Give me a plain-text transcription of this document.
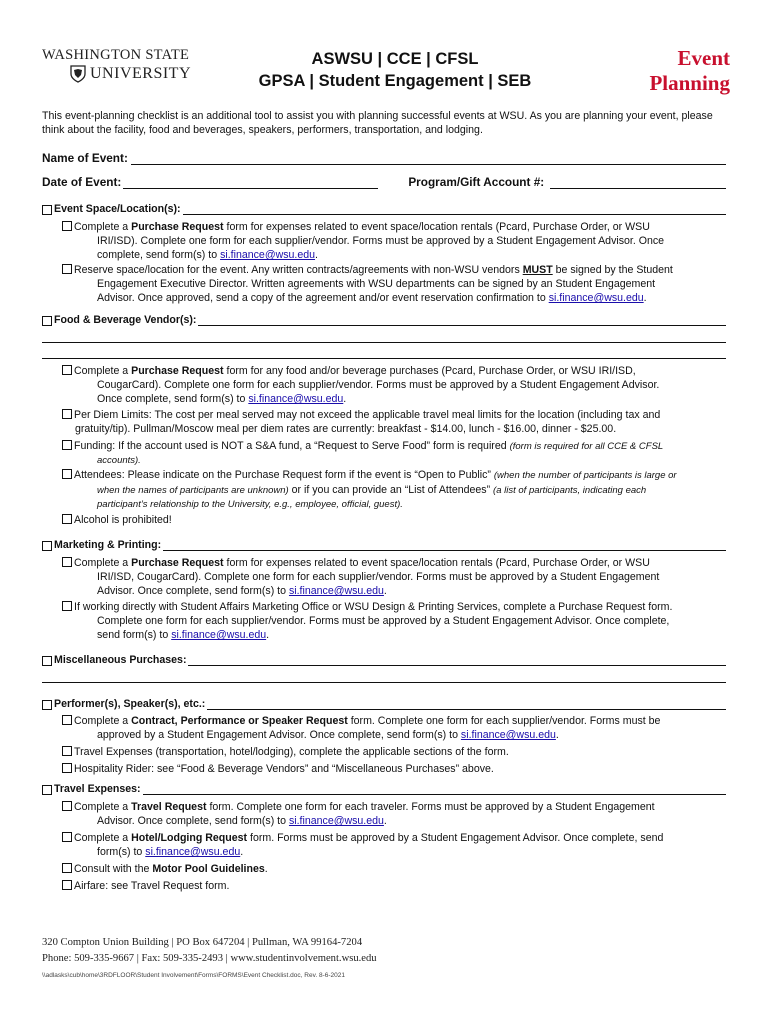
WASHINGTON STATE
UNIVERSITY
ASWSU | CCE | CFSL
GPSA | Student Engagement | SEB
Event
Planning
This event-planning checklist is an additional tool to assist you with planning successful events at WSU. As you are planning your event, please think about the facility, food and beverages, speakers, performers, transportation, and lodging.
Name of Event:
Date of Event:	Program/Gift Account #:
Event Space/Location(s):
Complete a Purchase Request form for expenses related to event space/location rentals (Pcard, Purchase Order, or WSU
IRI/ISD). Complete one form for each supplier/vendor. Forms must be approved by a Student Engagement Advisor. Once
complete, send form(s) to si.finance@wsu.edu.
Reserve space/location for the event. Any written contracts/agreements with non-WSU vendors MUST be signed by the Student
Engagement Executive Director. Written agreements with WSU departments can be signed by an Student Engagement
Advisor. Once approved, send a copy of the agreement and/or event reservation confirmation to si.finance@wsu.edu.
Food & Beverage Vendor(s):
Complete a Purchase Request form for any food and/or beverage purchases (Pcard, Purchase Order, or WSU IRI/ISD,
CougarCard). Complete one form for each supplier/vendor. Forms must be approved by a Student Engagement Advisor.
Once complete, send form(s) to si.finance@wsu.edu.
Per Diem Limits: The cost per meal served may not exceed the applicable travel meal limits for the location (including tax and
gratuity/tip). Pullman/Moscow meal per diem rates are currently: breakfast - $14.00, lunch - $16.00, dinner - $25.00.
Funding: If the account used is NOT a S&A fund, a “Request to Serve Food” form is required (form is required for all CCE & CFSL
accounts).
Attendees: Please indicate on the Purchase Request form if the event is “Open to Public” (when the number of participants is large or
when the names of participants are unknown) or if you can provide an “List of Attendees” (a list of participants, indicating each
participant’s relationship to the University, e.g., employee, official, guest).
Alcohol is prohibited!
Marketing & Printing:
Complete a Purchase Request form for expenses related to event space/location rentals (Pcard, Purchase Order, or WSU
IRI/ISD, CougarCard). Complete one form for each supplier/vendor. Forms must be approved by a Student Engagement
Advisor. Once complete, send form(s) to si.finance@wsu.edu.
If working directly with Student Affairs Marketing Office or WSU Design & Printing Services, complete a Purchase Request form.
Complete one form for each supplier/vendor. Forms must be approved by a Student Engagement Advisor. Once complete,
send form(s) to si.finance@wsu.edu.
Miscellaneous Purchases:
Performer(s), Speaker(s), etc.:
Complete a Contract, Performance or Speaker Request form. Complete one form for each supplier/vendor. Forms must be
approved by a Student Engagement Advisor. Once complete, send form(s) to si.finance@wsu.edu.
Travel Expenses (transportation, hotel/lodging), complete the applicable sections of the form.
Hospitality Rider: see “Food & Beverage Vendors” and “Miscellaneous Purchases” above.
Travel Expenses:
Complete a Travel Request form. Complete one form for each traveler. Forms must be approved by a Student Engagement
Advisor. Once complete, send form(s) to si.finance@wsu.edu.
Complete a Hotel/Lodging Request form. Forms must be approved by a Student Engagement Advisor. Once complete, send
form(s) to si.finance@wsu.edu.
Consult with the Motor Pool Guidelines.
Airfare: see Travel Request form.
320 Compton Union Building | PO Box 647204 | Pullman, WA 99164-7204
Phone: 509-335-9667 | Fax: 509-335-2493 | www.studentinvolvement.wsu.edu
\\adlasks\cub\home\3RDFLOOR\Student Involvement\Forms\FORMS\Event Checklist.doc, Rev. 8-6-2021
